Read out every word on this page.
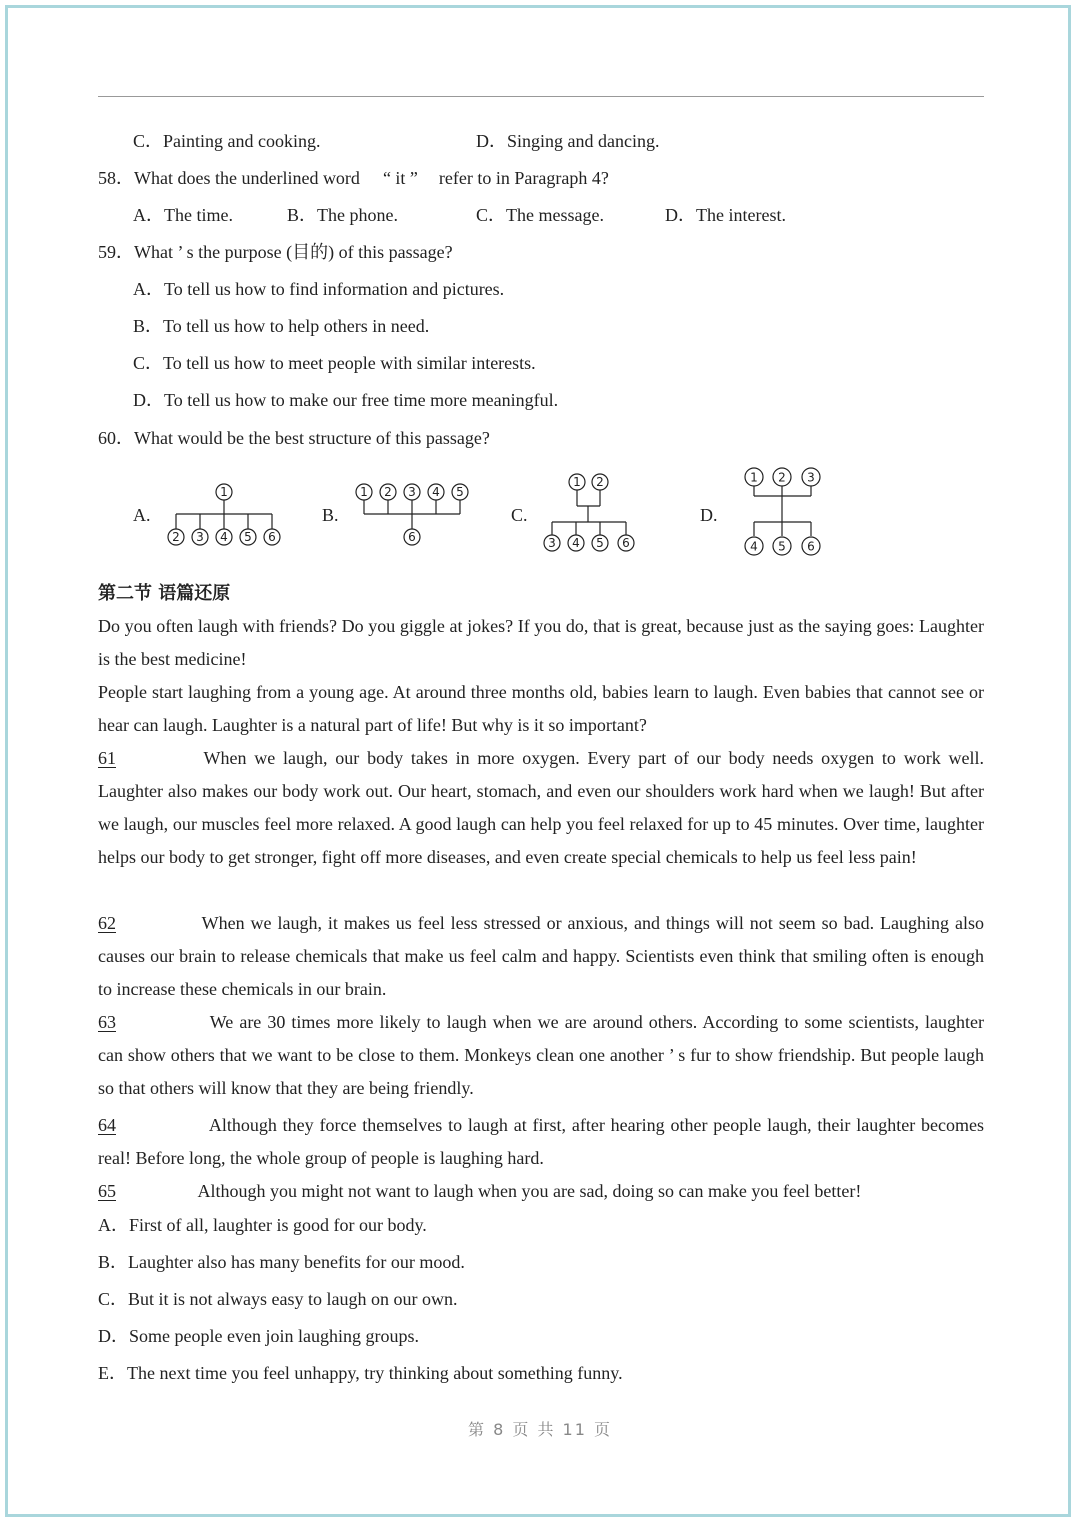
C．Painting and cooking.	D．Singing and dancing.
58．What does the underlined word “ it ” refer to in Paragraph 4?
A．The time.	B．The phone.	C．The message.	D．The interest.
59．What ’ s the purpose (目的) of this passage?
A．To tell us how to find information and pictures.
B．To tell us how to help others in need.
C．To tell us how to meet people with similar interests.
D．To tell us how to make our free time more meaningful.
60．What would be the best structure of this passage?
A.
1
2 3 4 5 6
B.
1 2 3 4 5
6
C.
1 2
3 4 5 6
D.
1 2 3
4 5 6
第二节 语篇还原
Do you often laugh with friends? Do you giggle at jokes? If you do, that is great, because just as the saying goes: Laughter is the best medicine!
People start laughing from a young age. At around three months old, babies learn to laugh. Even babies that cannot see or hear can laugh. Laughter is a natural part of life! But why is it so important?
61	When we laugh, our body takes in more oxygen. Every part of our body needs oxygen to work well. Laughter also makes our body work out. Our heart, stomach, and even our shoulders work hard when we laugh! But after we laugh, our muscles feel more relaxed. A good laugh can help you feel relaxed for up to 45 minutes. Over time, laughter helps our body to get stronger, fight off more diseases, and even create special chemicals to help us feel less pain!
62	When we laugh, it makes us feel less stressed or anxious, and things will not seem so bad. Laughing also causes our brain to release chemicals that make us feel calm and happy. Scientists even think that smiling often is enough to increase these chemicals in our brain.
63	We are 30 times more likely to laugh when we are around others. According to some scientists, laughter can show others that we want to be close to them. Monkeys clean one another ’ s fur to show friendship. But people laugh so that others will know that they are being friendly.
64	Although they force themselves to laugh at first, after hearing other people laugh, their laughter becomes real! Before long, the whole group of people is laughing hard.
65	Although you might not want to laugh when you are sad, doing so can make you feel better!
A．First of all, laughter is good for our body.
B．Laughter also has many benefits for our mood.
C．But it is not always easy to laugh on our own.
D．Some people even join laughing groups.
E．The next time you feel unhappy, try thinking about something funny.
第 8 页 共 11 页
